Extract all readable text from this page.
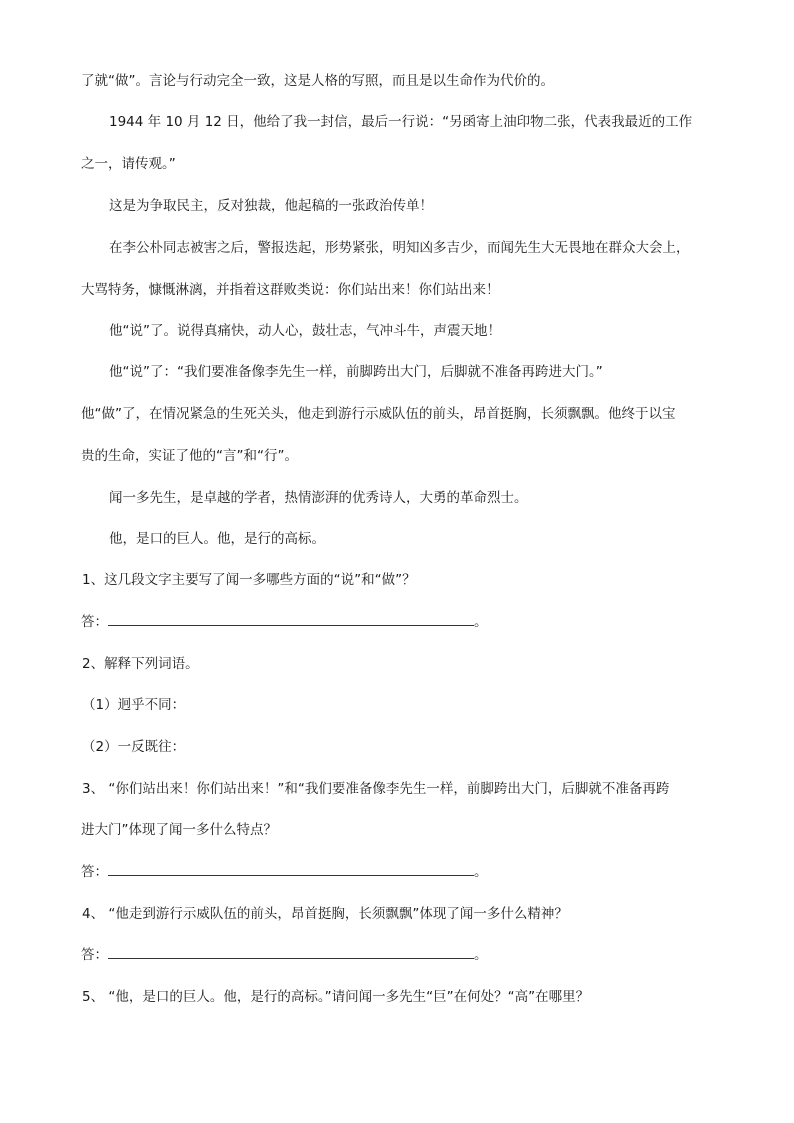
了就“做”。言论与行动完全一致，这是人格的写照，而且是以生命作为代价的。
1944 年 10 月 12 日，他给了我一封信，最后一行说：“另函寄上油印物二张，代表我最近的工作
之一，请传观。”
这是为争取民主，反对独裁，他起稿的一张政治传单！
在李公朴同志被害之后，警报迭起，形势紧张，明知凶多吉少，而闻先生大无畏地在群众大会上，
大骂特务，慷慨淋漓，并指着这群败类说：你们站出来！你们站出来！
他“说”了。说得真痛快，动人心，鼓壮志，气冲斗牛，声震天地！
他“说”了：“我们要准备像李先生一样，前脚跨出大门，后脚就不准备再跨进大门。”
他“做”了，在情况紧急的生死关头，他走到游行示威队伍的前头，昂首挺胸，长须飘飘。他终于以宝
贵的生命，实证了他的“言”和“行”。
闻一多先生，是卓越的学者，热情澎湃的优秀诗人，大勇的革命烈士。
他，是口的巨人。他，是行的高标。
1、这几段文字主要写了闻一多哪些方面的“说”和“做”？
答：	。
2、解释下列词语。
（1）迥乎不同：
（2）一反既往：
3、 “你们站出来！你们站出来！”和“我们要准备像李先生一样，前脚跨出大门，后脚就不准备再跨
进大门”体现了闻一多什么特点？
答：	。
4、 “他走到游行示威队伍的前头，昂首挺胸，长须飘飘”体现了闻一多什么精神？
答：	。
5、 “他，是口的巨人。他，是行的高标。”请问闻一多先生“巨”在何处？“高”在哪里？
